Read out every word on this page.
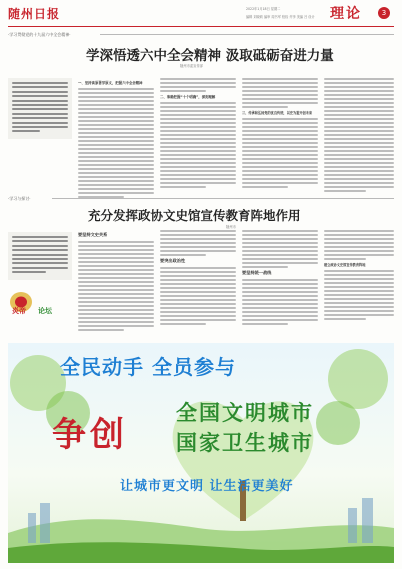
随州日报	2022年1月18日 星期二
编辑 刘晓莉 编审 周书军 校检 许李 美编 吕 设计 理论	3
·学习贯彻党的十九届六中全会精神·
学深悟透六中全会精神 汲取砥砺奋进力量
随州市委宣传部
一、坚持读原著学原文，把握六中全会精神
二、准确把握“十个明确”，深刻理解
三、传承和弘扬党的优良传统，以史为鉴开创未来
·学习与探讨·
充分发挥政协文史馆宣传教育阵地作用
随州市
炎帝 论坛
要坚持文史关系
要突出政治性
要坚持统一战线
建立政协文史馆宣传教育阵地
全民动手 全员参与
争创
全国文明城市
国家卫生城市
让城市更文明 让生活更美好
